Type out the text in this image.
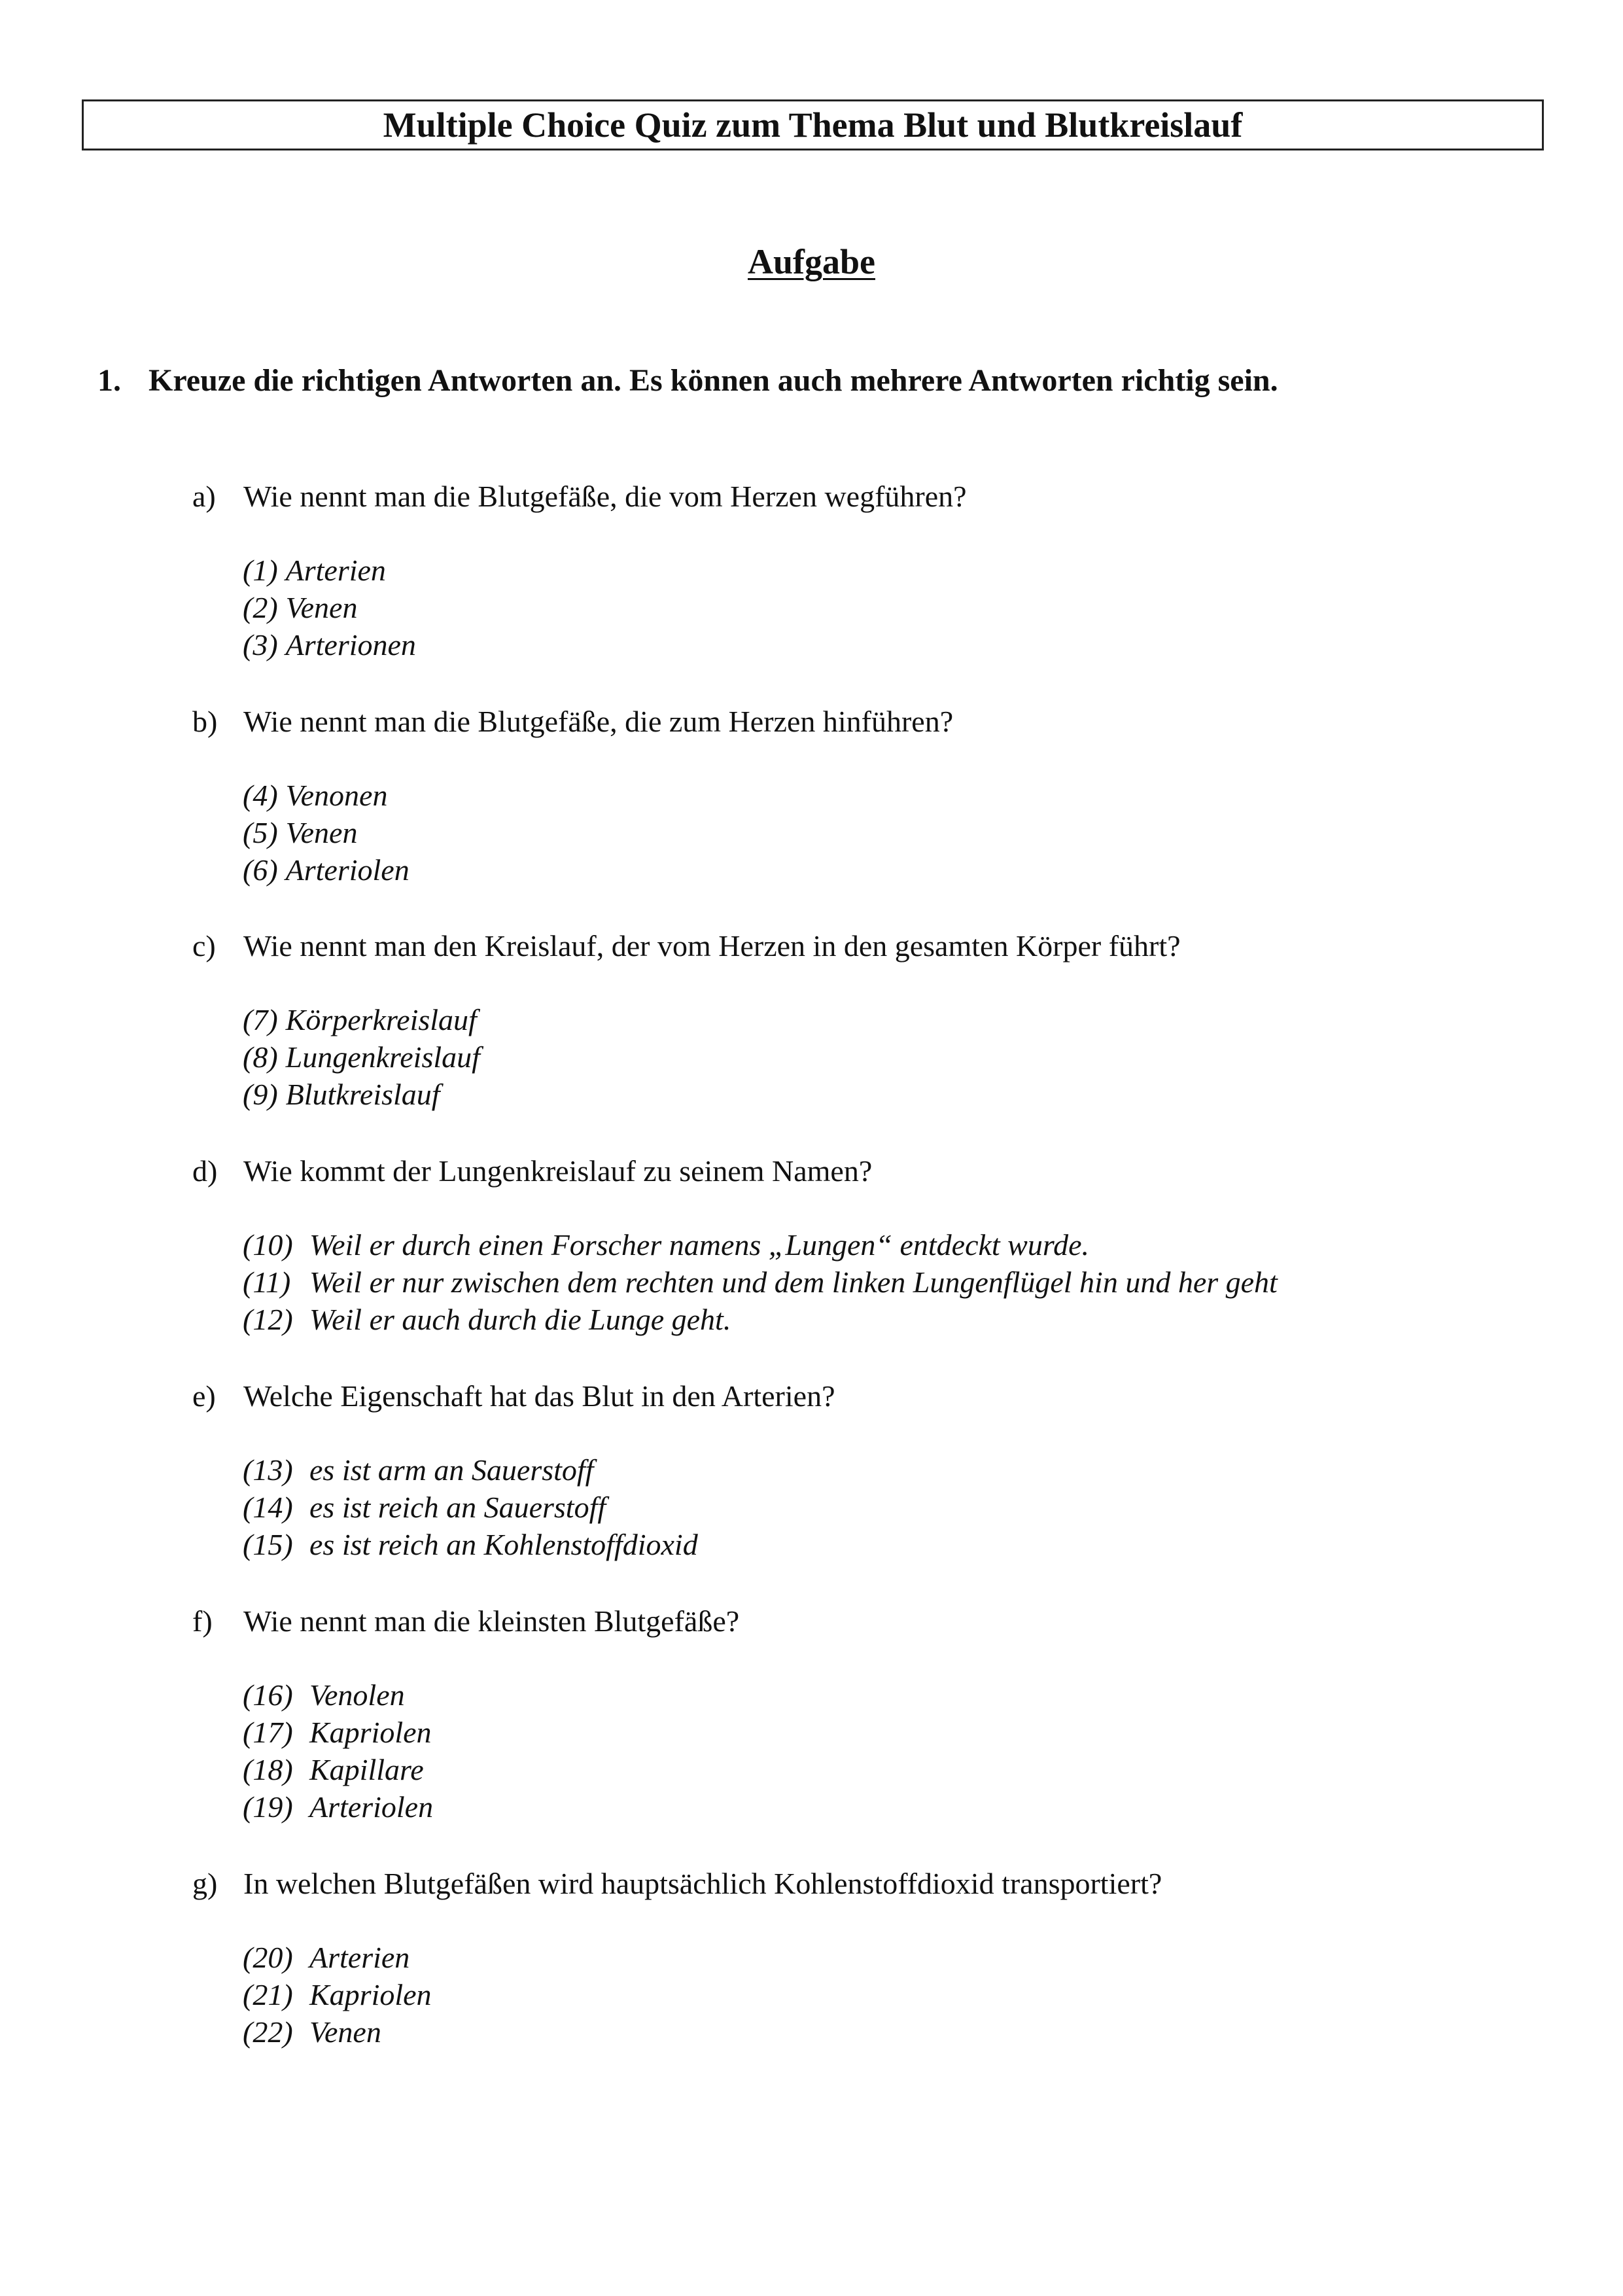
Multiple Choice Quiz zum Thema Blut und Blutkreislauf
Aufgabe
1. Kreuze die richtigen Antworten an. Es können auch mehrere Antworten richtig sein.
a) Wie nennt man die Blutgefäße, die vom Herzen wegführen?
(1) Arterien
(2) Venen
(3) Arterionen
b) Wie nennt man die Blutgefäße, die zum Herzen hinführen?
(4) Venonen
(5) Venen
(6) Arteriolen
c) Wie nennt man den Kreislauf, der vom Herzen in den gesamten Körper führt?
(7) Körperkreislauf
(8) Lungenkreislauf
(9) Blutkreislauf
d) Wie kommt der Lungenkreislauf zu seinem Namen?
(10) Weil er durch einen Forscher namens „Lungen“ entdeckt wurde.
(11) Weil er nur zwischen dem rechten und dem linken Lungenflügel hin und her geht
(12) Weil er auch durch die Lunge geht.
e) Welche Eigenschaft hat das Blut in den Arterien?
(13) es ist arm an Sauerstoff
(14) es ist reich an Sauerstoff
(15) es ist reich an Kohlenstoffdioxid
f) Wie nennt man die kleinsten Blutgefäße?
(16) Venolen
(17) Kapriolen
(18) Kapillare
(19) Arteriolen
g) In welchen Blutgefäßen wird hauptsächlich Kohlenstoffdioxid transportiert?
(20) Arterien
(21) Kapriolen
(22) Venen
